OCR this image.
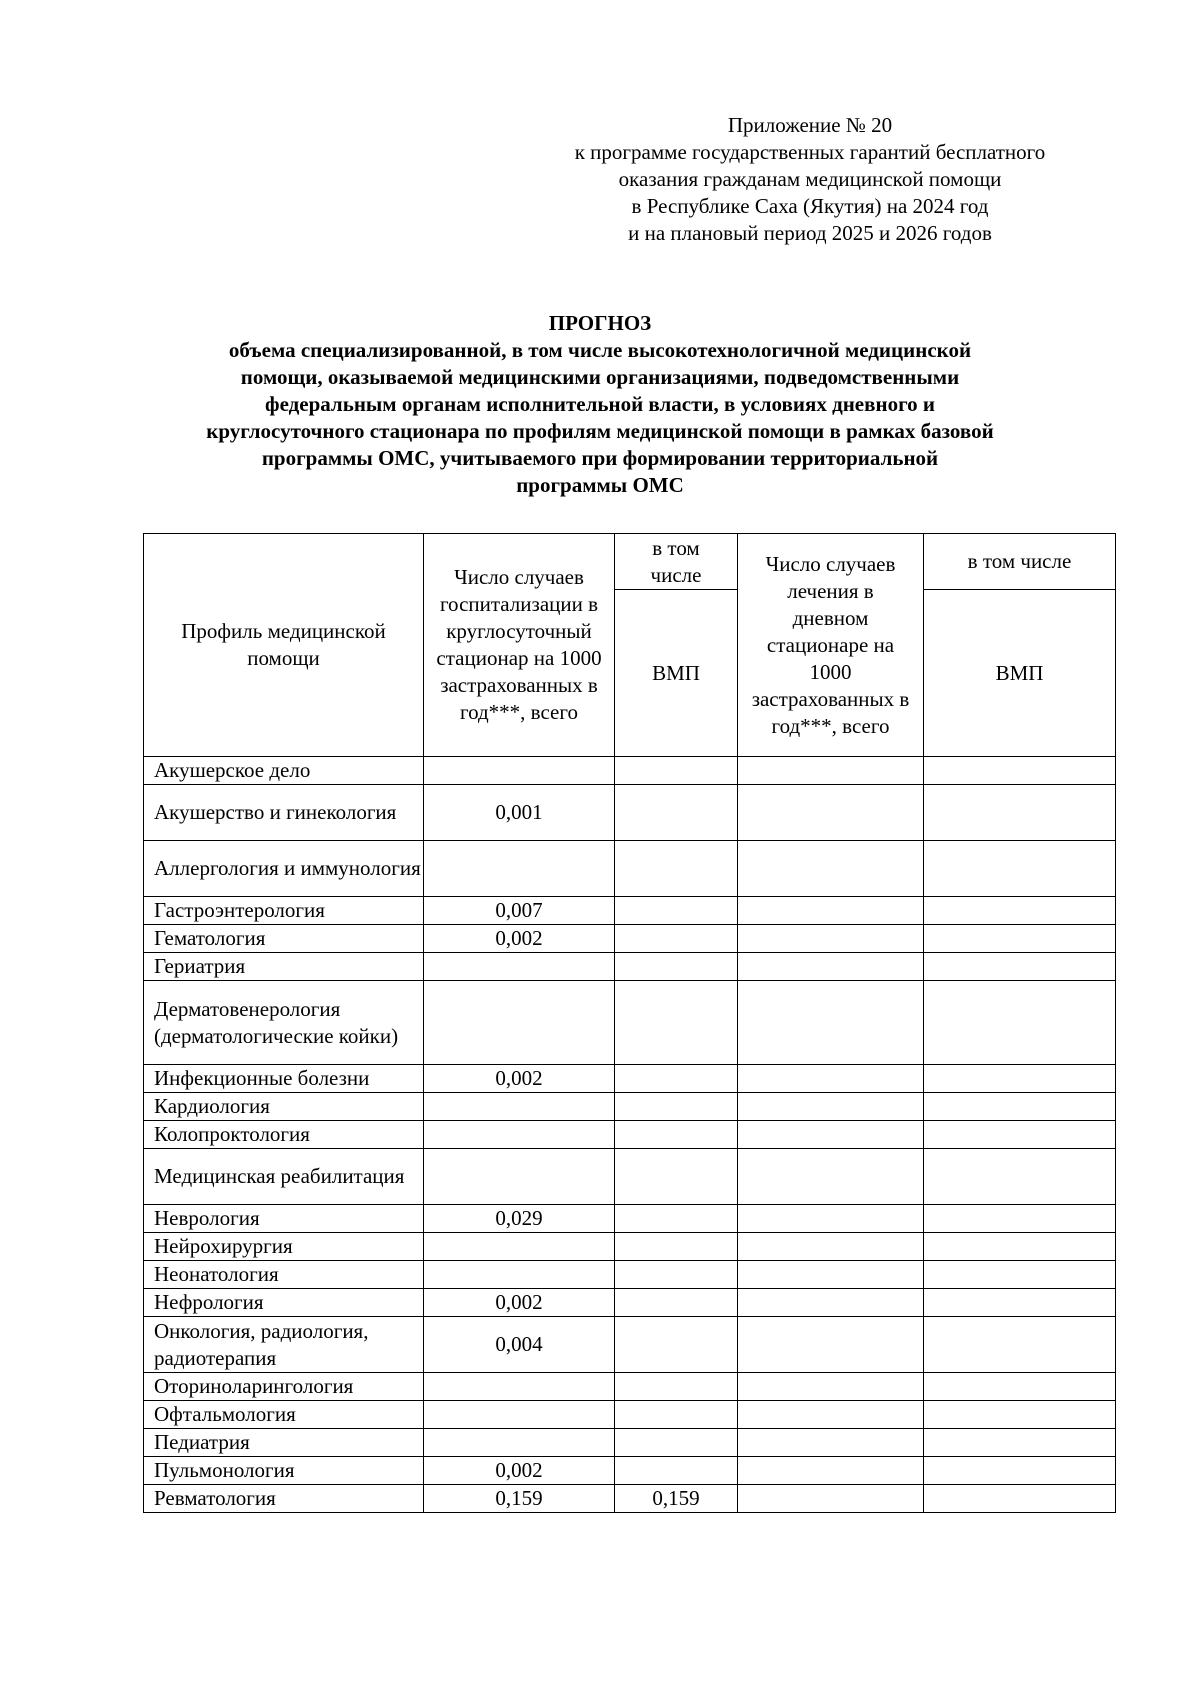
Приложение № 20
к программе государственных гарантий бесплатного
оказания гражданам медицинской помощи
в Республике Саха (Якутия) на 2024 год
и на плановый период 2025 и 2026 годов
ПРОГНОЗ
объема специализированной, в том числе высокотехнологичной медицинской
помощи, оказываемой медицинскими организациями, подведомственными
федеральным органам исполнительной власти, в условиях дневного и
круглосуточного стационара по профилям медицинской помощи в рамках базовой
программы ОМС, учитываемого при формировании территориальной
программы ОМС
Профиль медицинской помощи	Число случаев госпитализации в круглосуточный стационар на 1000 застрахованных в год***, всего	в том числе	Число случаев лечения в дневном стационаре на 1000 застрахованных в год***, всего	в том числе
		ВМП		ВМП
Акушерское дело				
Акушерство и гинекология	0,001			
Аллергология и иммунология				
Гастроэнтерология	0,007			
Гематология	0,002			
Гериатрия				
Дерматовенерология (дерматологические койки)				
Инфекционные болезни	0,002			
Кардиология				
Колопроктология				
Медицинская реабилитация				
Неврология	0,029			
Нейрохирургия				
Неонатология				
Нефрология	0,002			
Онкология, радиология, радиотерапия	0,004			
Оториноларингология				
Офтальмология				
Педиатрия				
Пульмонология	0,002			
Ревматология	0,159	0,159		
